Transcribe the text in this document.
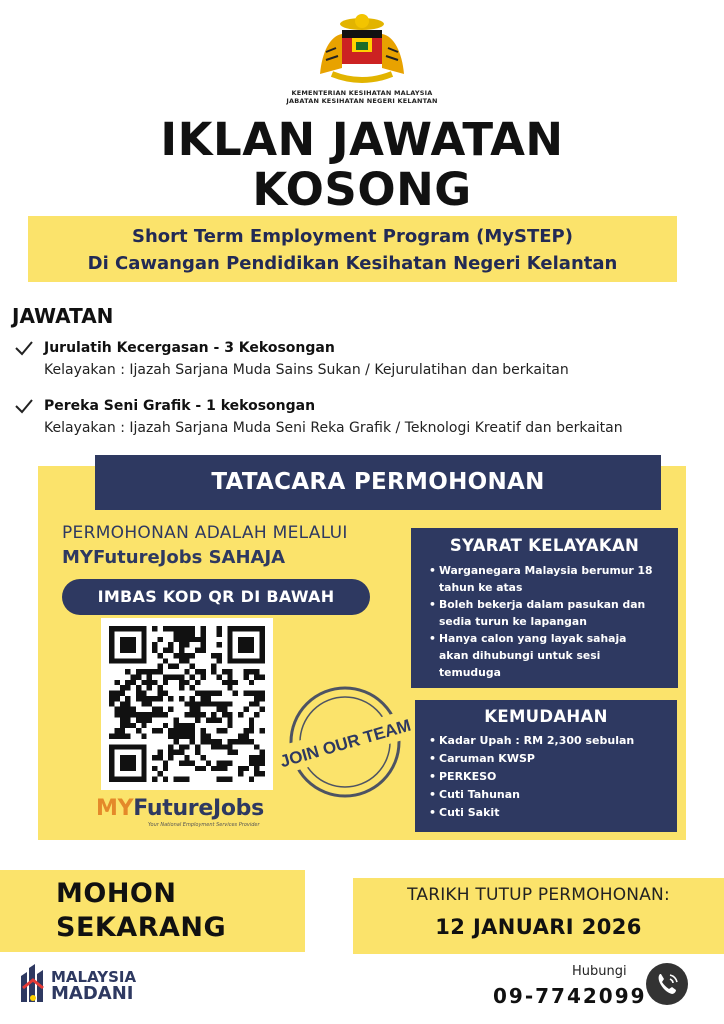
KEMENTERIAN KESIHATAN MALAYSIA
JABATAN KESIHATAN NEGERI KELANTAN
IKLAN JAWATAN
KOSONG
Short Term Employment Program (MySTEP)
Di Cawangan Pendidikan Kesihatan Negeri Kelantan
JAWATAN
Jurulatih Kecergasan - 3 Kekosongan
Kelayakan : Ijazah Sarjana Muda Sains Sukan / Kejurulatihan dan berkaitan
Pereka Seni Grafik - 1 kekosongan
Kelayakan : Ijazah Sarjana Muda Seni Reka Grafik / Teknologi Kreatif dan berkaitan
TATACARA PERMOHONAN
PERMOHONAN ADALAH MELALUI
MYFutureJobs SAHAJA
IMBAS KOD QR DI BAWAH
MYFutureJobs
Your National Employment Services Provider
JOIN OUR TEAM
SYARAT KELAYAKAN
• Warganegara Malaysia berumur 18 tahun ke atas
• Boleh bekerja dalam pasukan dan sedia turun ke lapangan
• Hanya calon yang layak sahaja akan dihubungi untuk sesi temuduga
KEMUDAHAN
• Kadar Upah : RM 2,300 sebulan
• Caruman KWSP
• PERKESO
• Cuti Tahunan
• Cuti Sakit
MOHON
SEKARANG
TARIKH TUTUP PERMOHONAN:
12 JANUARI 2026
MALAYSIA
MADANI
Hubungi
09-7742099
